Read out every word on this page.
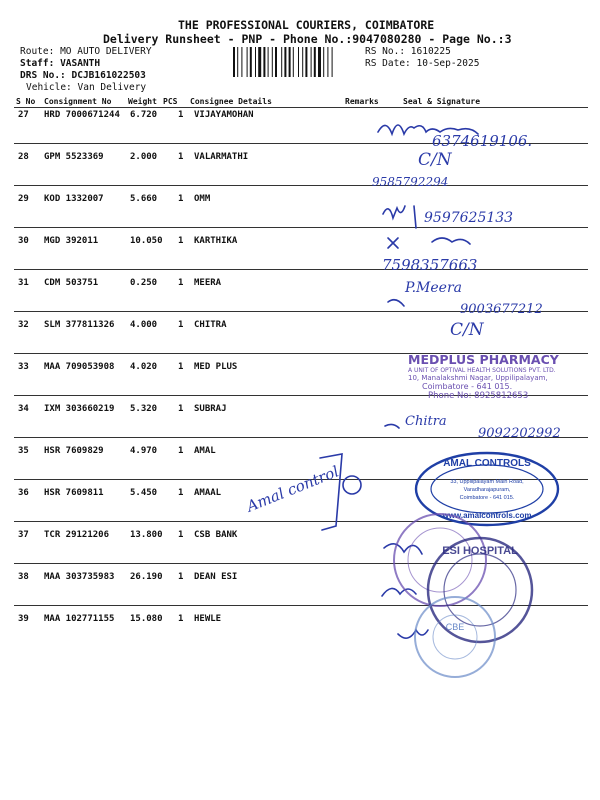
THE PROFESSIONAL COURIERS, COIMBATORE
Delivery Runsheet - PNP - Phone No.:9047080280 - Page No.:3
Route: MO AUTO DELIVERY
Staff: VASANTH
DRS No.: DCJB161022503
Vehicle: Van Delivery
RS No.: 1610225
RS Date: 10-Sep-2025
S No Consignment No Weight PCS Consignee Details	Remarks	Seal & Signature
27 HRD 7000671244 6.720 1 VIJAYAMOHAN
28 GPM 5523369	2.000 1 VALARMATHI
29 KOD 1332007	5.660 1 OMM
30 MGD 392011	10.050 1 KARTHIKA
31 CDM 503751	0.250 1 MEERA
32 SLM 377811326 4.000 1 CHITRA
33 MAA 709053908 4.020 1 MED PLUS
34 IXM 303660219 5.320 1 SUBRAJ
35 HSR 7609829	4.970 1 AMAL
36 HSR 7609811	5.450 1 AMAAL
37 TCR 29121206 13.800 1 CSB BANK
38 MAA 303735983 26.190 1 DEAN ESI
39 MAA 102771155 15.080 1 HEWLE
6374619106.
C/N
9585792294
9597625133
7598357663
P.Meera
9003677212
C/N
Chitra
9092202992
Amal control
MEDPLUS PHARMACY
A UNIT OF OPTIVAL HEALTH SOLUTIONS PVT. LTD.
10, Manalakshmi Nagar, Uppilipalayam,
Coimbatore - 641 015.
Phone No: 8925812653
AMAL CONTROLS
33, Uppilipalayam Main Road,
Varadharajapuram,
Coimbatore - 641 015.
www.amalcontrols.com
ESI HOSPITAL
CBE
